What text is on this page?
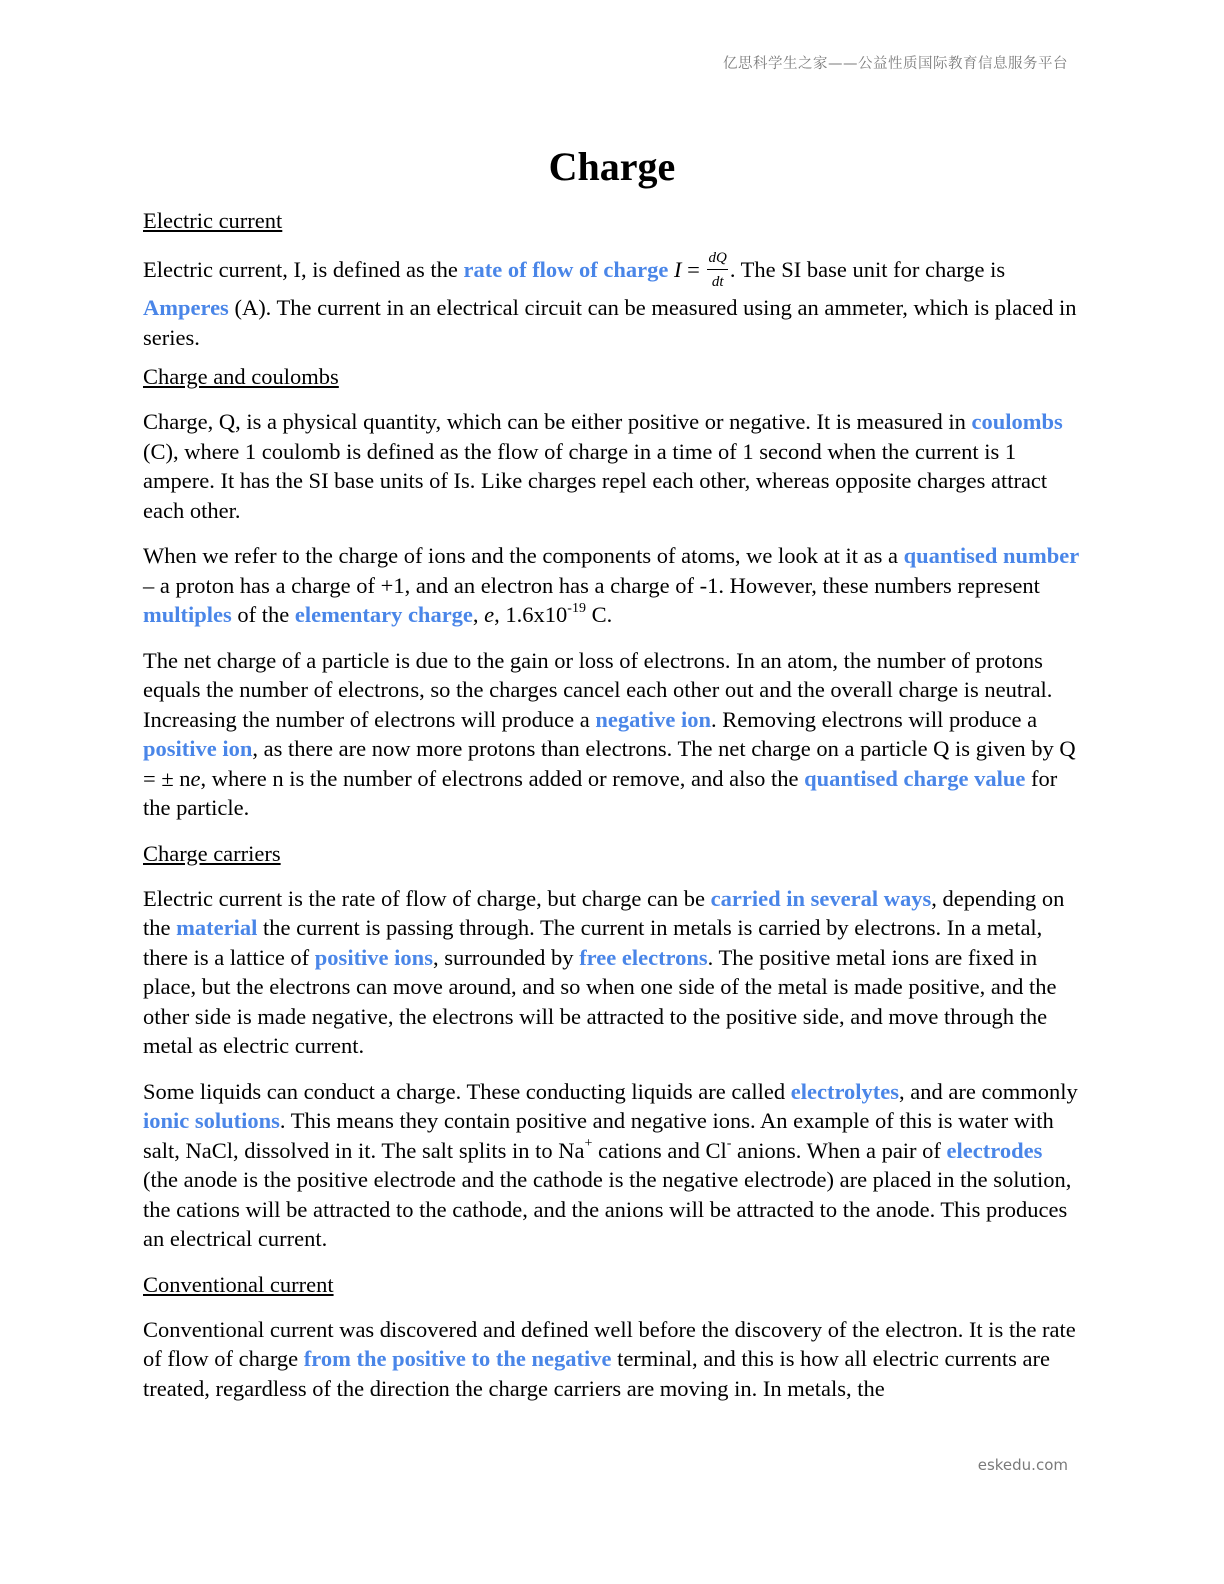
亿思科学生之家——公益性质国际教育信息服务平台
Charge
Electric current

Electric current, I, is defined as the rate of flow of charge $I = \frac{dQ}{dt}$ . The SI base unit for charge is Amperes (A). The current in an electrical circuit can be measured using an ammeter, which is placed in series.

Charge and coulombs

Charge, Q, is a physical quantity, which can be either positive or negative. It is measured in coulombs (C), where 1 coulomb is defined as the flow of charge in a time of 1 second when the current is 1 ampere. It has the SI base units of Is. Like charges repel each other, whereas opposite charges attract each other.

When we refer to the charge of ions and the components of atoms, we look at it as a quantised number – a proton has a charge of +1, and an electron has a charge of -1. However, these numbers represent multiples of the elementary charge, e, $1.6x10^{-19}$ C.

The net charge of a particle is due to the gain or loss of electrons. In an atom, the number of protons equals the number of electrons, so the charges cancel each other out and the overall charge is neutral. Increasing the number of electrons will produce a negative ion. Removing electrons will produce a positive ion, as there are now more protons than electrons. The net charge on a particle Q is given by Q = ± ne, where n is the number of electrons added or remove, and also the quantised charge value for the particle.

Charge carriers

Electric current is the rate of flow of charge, but charge can be carried in several ways, depending on the material the current is passing through. The current in metals is carried by electrons. In a metal, there is a lattice of positive ions, surrounded by free electrons. The positive metal ions are fixed in place, but the electrons can move around, and so when one side of the metal is made positive, and the other side is made negative, the electrons will be attracted to the positive side, and move through the metal as electric current.

Some liquids can conduct a charge. These conducting liquids are called electrolytes, and are commonly ionic solutions. This means they contain positive and negative ions. An example of this is water with salt, NaCl, dissolved in it. The salt splits in to Na+ cations and Cl- anions. When a pair of electrodes (the anode is the positive electrode and the cathode is the negative electrode) are placed in the solution, the cations will be attracted to the cathode, and the anions will be attracted to the anode. This produces an electrical current.

Conventional current

Conventional current was discovered and defined well before the discovery of the electron. It is the rate of flow of charge from the positive to the negative terminal, and this is how all electric currents are treated, regardless of the direction the charge carriers are moving in. In metals, the

eskedu.com
